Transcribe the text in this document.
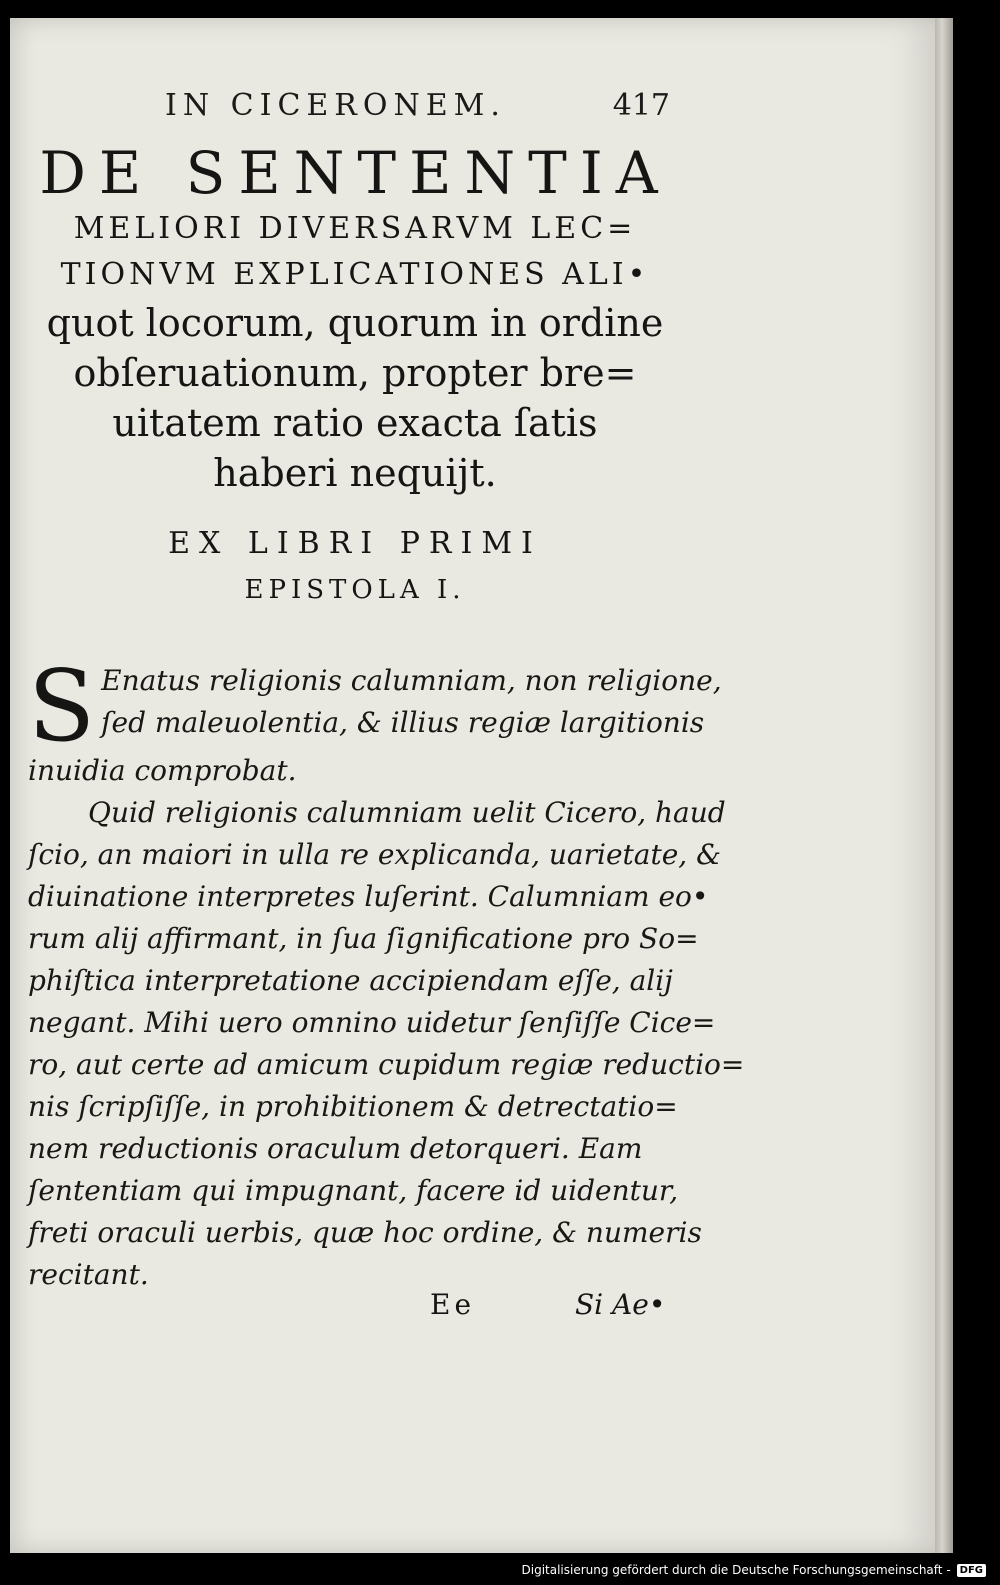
IN CICERONEM.	417

DE SENTENTIA

MELIORI DIVERSARVM LEC=

TIONVM EXPLICATIONES ALI•

quot locorum, quorum in ordine

obſeruationum, propter bre=

uitatem ratio exacta ſatis

haberi nequijt.

EX LIBRI PRIMI

EPISTOLA I.

S Enatus religionis calumniam, non religione,

ſed maleuolentia, & illius regiæ largitionis

inuidia comprobat.

Quid religionis calumniam uelit Cicero, haud

ſcio, an maiori in ulla re explicanda, uarietate, &

diuinatione interpretes luſerint. Calumniam eo•

rum alij affirmant, in ſua ſignificatione pro So=

phiſtica interpretatione accipiendam eſſe, alij

negant. Mihi uero omnino uidetur ſenſiſſe Cice=

ro, aut certe ad amicum cupidum regiæ reductio=

nis ſcripſiſſe, in prohibitionem & detrectatio=

nem reductionis oraculum detorqueri. Eam

ſententiam qui impugnant, facere id uidentur,

freti oraculi uerbis, quæ hoc ordine, & numeris

recitant.

Ee	Si Ae•
Digitalisierung gefördert durch die Deutsche Forschungsgemeinschaft - DFG
